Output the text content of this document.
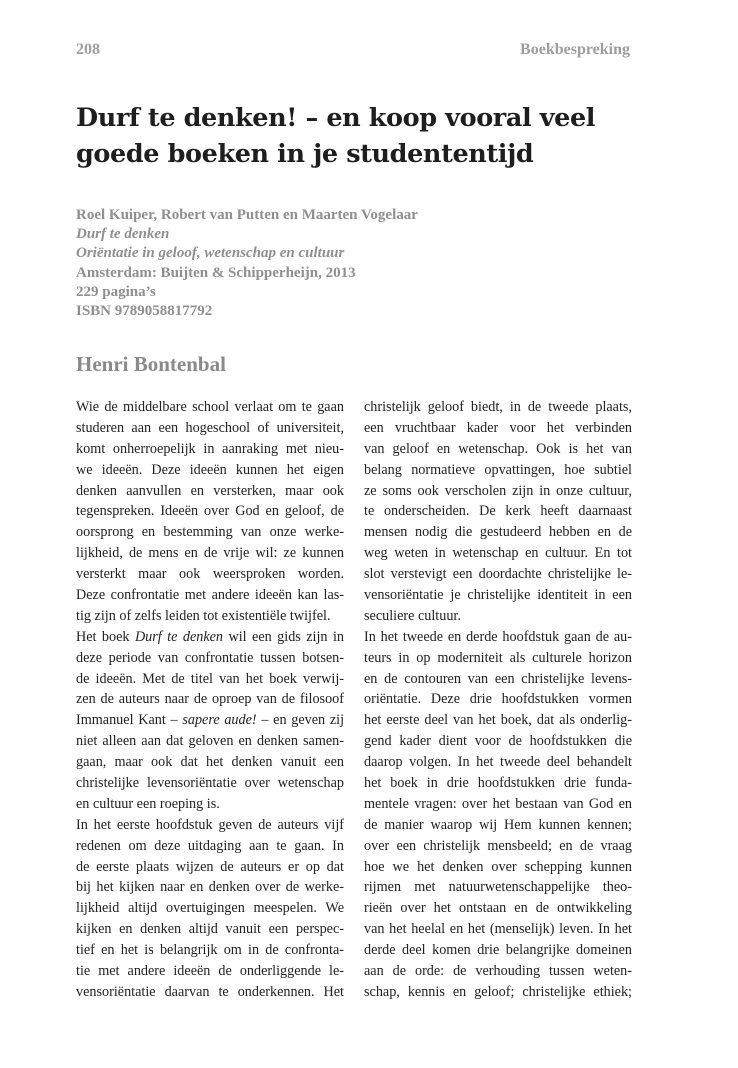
208	Boekbespreking
Durf te denken! – en koop vooral veel
goede boeken in je studententijd
Roel Kuiper, Robert van Putten en Maarten Vogelaar
Durf te denken
Oriëntatie in geloof, wetenschap en cultuur
Amsterdam: Buijten & Schipperheijn, 2013
229 pagina’s
ISBN 9789058817792
Henri Bontenbal
Wie de middelbare school verlaat om te gaan
studeren aan een hogeschool of universiteit,
komt onherroepelijk in aanraking met nieu-
we ideeën. Deze ideeën kunnen het eigen
denken aanvullen en versterken, maar ook
tegenspreken. Ideeën over God en geloof, de
oorsprong en bestemming van onze werke-
lijkheid, de mens en de vrije wil: ze kunnen
versterkt maar ook weersproken worden.
Deze confrontatie met andere ideeën kan las-
tig zijn of zelfs leiden tot existentiële twijfel.
Het boek Durf te denken wil een gids zijn in
deze periode van confrontatie tussen botsen-
de ideeën. Met de titel van het boek verwij-
zen de auteurs naar de oproep van de filosoof
Immanuel Kant – sapere aude! – en geven zij
niet alleen aan dat geloven en denken samen-
gaan, maar ook dat het denken vanuit een
christelijke levensoriëntatie over wetenschap
en cultuur een roeping is.
In het eerste hoofdstuk geven de auteurs vijf
redenen om deze uitdaging aan te gaan. In
de eerste plaats wijzen de auteurs er op dat
bij het kijken naar en denken over de werke-
lijkheid altijd overtuigingen meespelen. We
kijken en denken altijd vanuit een perspec-
tief en het is belangrijk om in de confronta-
tie met andere ideeën de onderliggende le-
vensoriëntatie daarvan te onderkennen. Het
christelijk geloof biedt, in de tweede plaats,
een vruchtbaar kader voor het verbinden
van geloof en wetenschap. Ook is het van
belang normatieve opvattingen, hoe subtiel
ze soms ook verscholen zijn in onze cultuur,
te onderscheiden. De kerk heeft daarnaast
mensen nodig die gestudeerd hebben en de
weg weten in wetenschap en cultuur. En tot
slot verstevigt een doordachte christelijke le-
vensoriëntatie je christelijke identiteit in een
seculiere cultuur.
In het tweede en derde hoofdstuk gaan de au-
teurs in op moderniteit als culturele horizon
en de contouren van een christelijke levens-
oriëntatie. Deze drie hoofdstukken vormen
het eerste deel van het boek, dat als onderlig-
gend kader dient voor de hoofdstukken die
daarop volgen. In het tweede deel behandelt
het boek in drie hoofdstukken drie funda-
mentele vragen: over het bestaan van God en
de manier waarop wij Hem kunnen kennen;
over een christelijk mensbeeld; en de vraag
hoe we het denken over schepping kunnen
rijmen met natuurwetenschappelijke theo-
rieën over het ontstaan en de ontwikkeling
van het heelal en het (menselijk) leven. In het
derde deel komen drie belangrijke domeinen
aan de orde: de verhouding tussen weten-
schap, kennis en geloof; christelijke ethiek;
